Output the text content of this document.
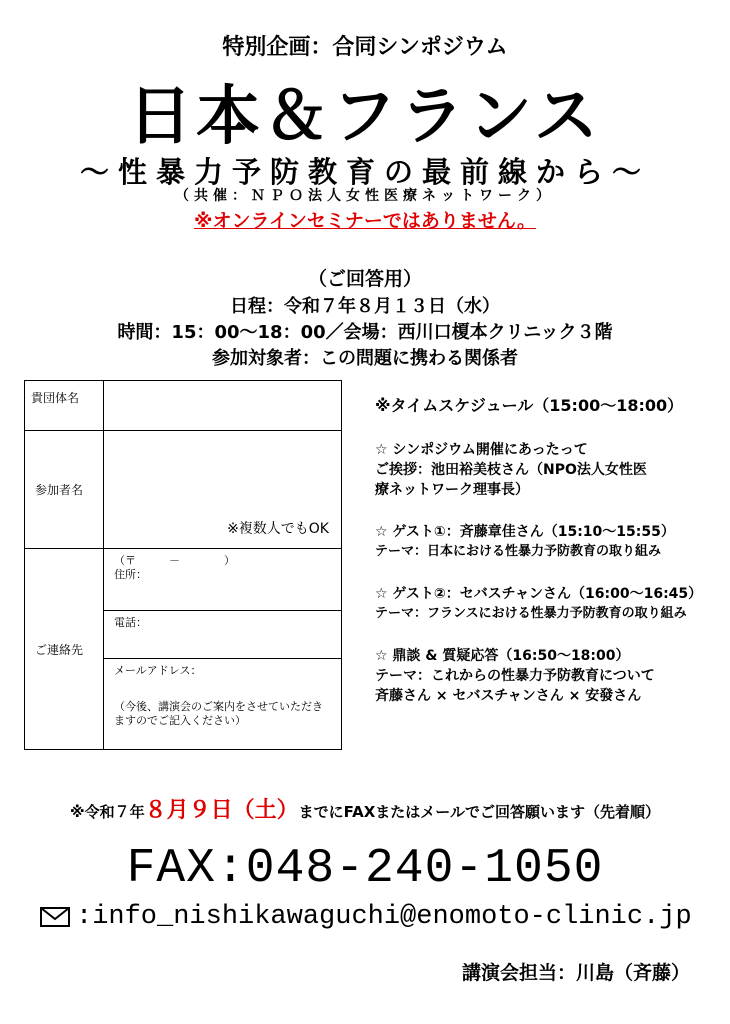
特別企画：合同シンポジウム
日本＆フランス
～性暴力予防教育の最前線から～
（共催：ＮＰＯ法人女性医療ネットワーク）
※オンラインセミナーではありません。
（ご回答用）
日程：令和７年８月１３日（水）
時間：15：00～18：00／会場：西川口榎本クリニック３階
参加対象者：この問題に携わる関係者
貴団体名	

参加者名	※複数人でもOK

ご連絡先	（〒　　　－　　　　）
住所：

	電話：

	メールアドレス：
（今後、講演会のご案内をさせていただきますのでご記入ください）
※タイムスケジュール（15:00～18:00）
☆ シンポジウム開催にあったって
ご挨拶：池田裕美枝さん（NPO法人女性医
療ネットワーク理事長）
☆ ゲスト①：斉藤章佳さん（15:10～15:55）
テーマ：日本における性暴力予防教育の取り組み
☆ ゲスト②：セバスチャンさん（16:00～16:45）
テーマ：フランスにおける性暴力予防教育の取り組み
☆ 鼎談 & 質疑応答（16:50～18:00）
テーマ：これからの性暴力予防教育について
斉藤さん × セバスチャンさん × 安發さん
※令和７年８月９日（土）までにFAXまたはメールでご回答願います（先着順）
FAX:048-240-1050
:info_nishikawaguchi@enomoto-clinic.jp
講演会担当：川島（斉藤）
